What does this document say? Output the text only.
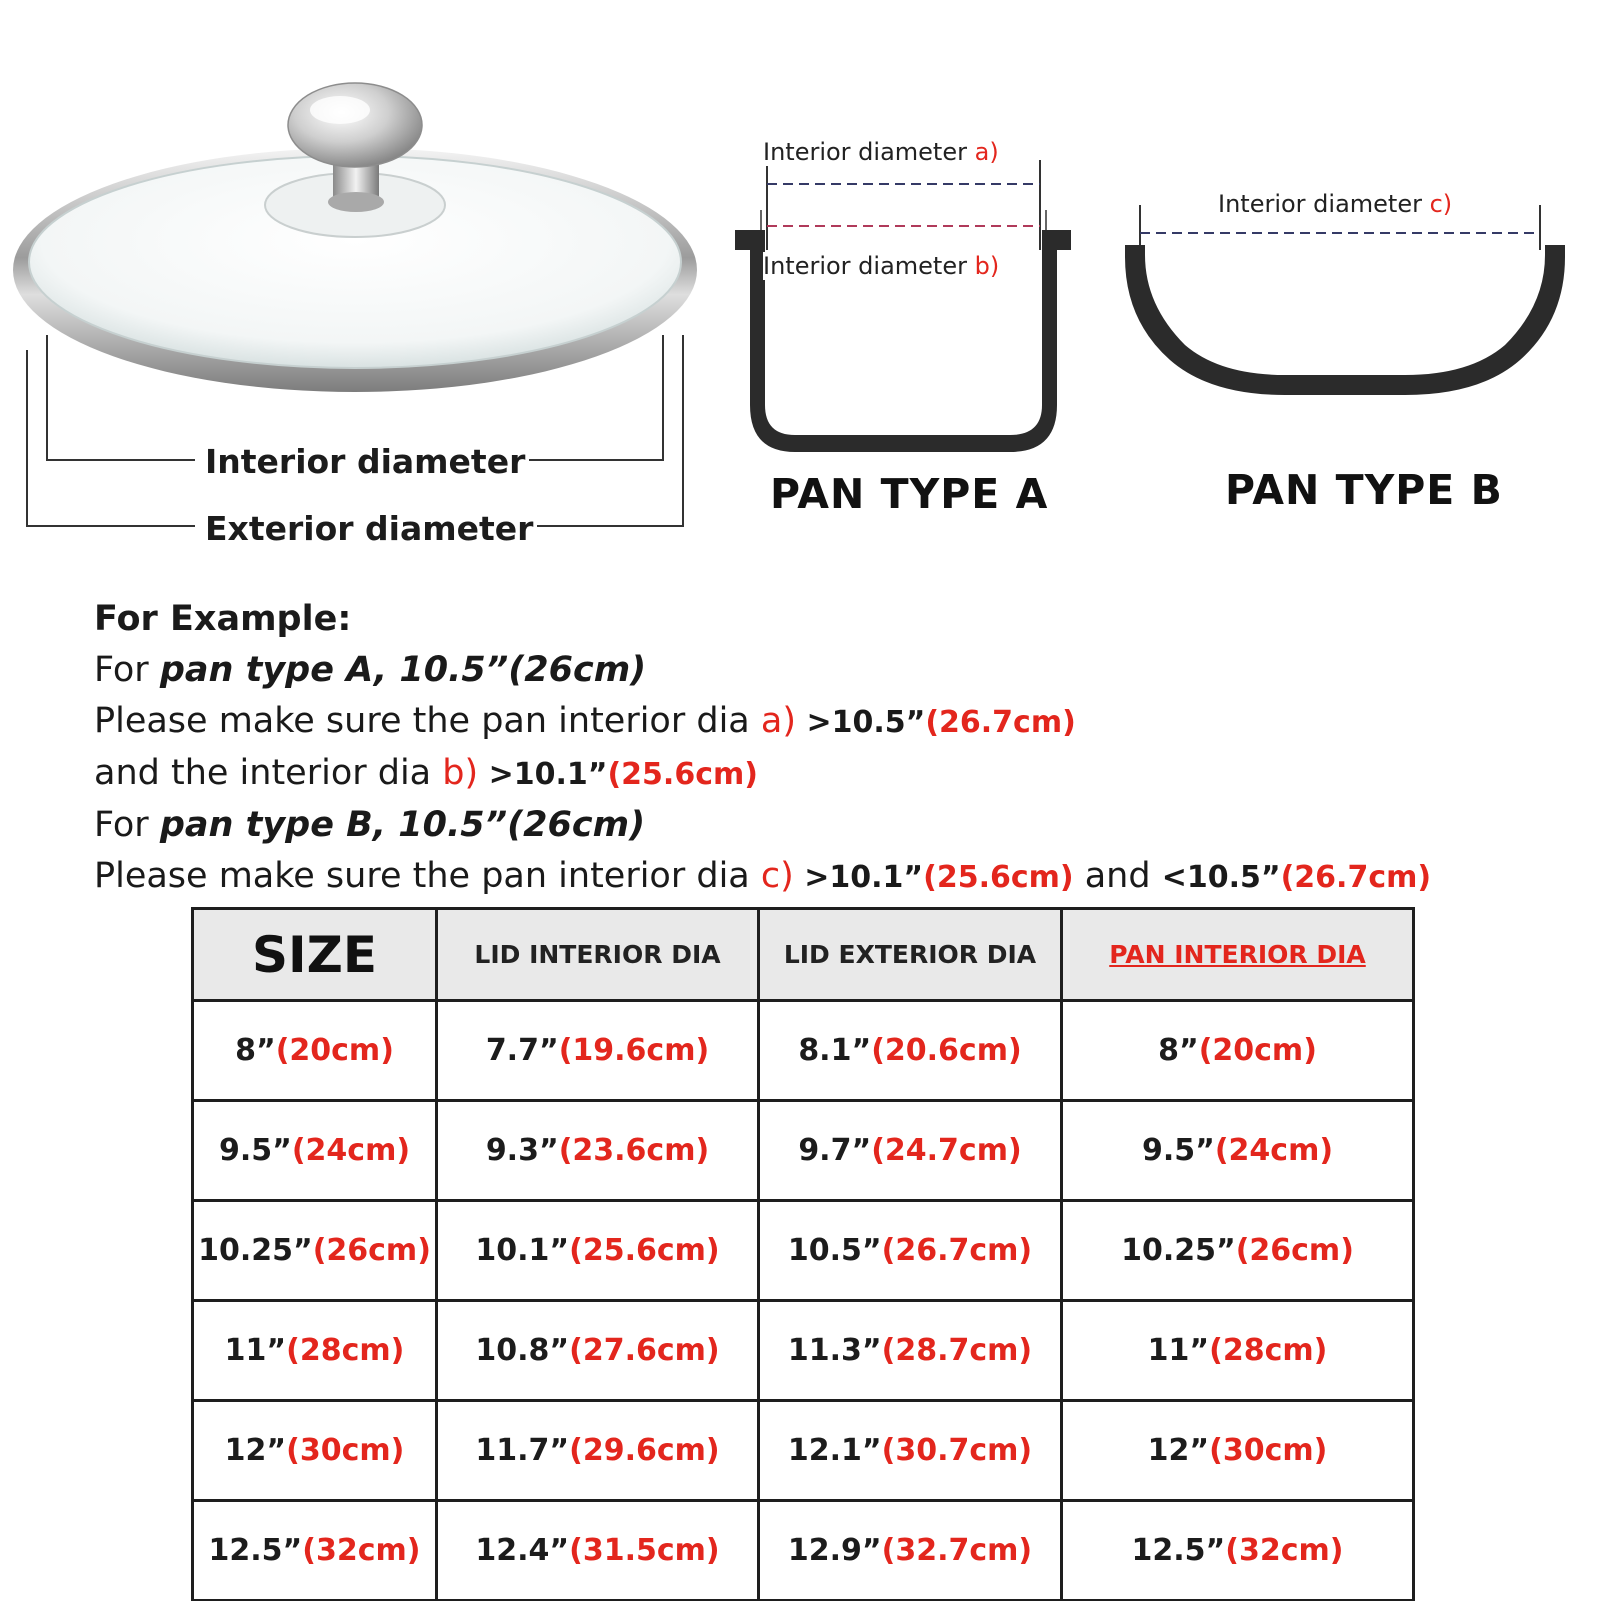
Interior diameter
Exterior diameter
Interior diameter a)
Interior diameter b)
PAN TYPE A
Interior diameter c)
PAN TYPE B
For Example:
For pan type A, 10.5”(26cm)
Please make sure the pan interior dia a) >10.5”(26.7cm)
and the interior dia b) >10.1”(25.6cm)
For pan type B, 10.5”(26cm)
Please make sure the pan interior dia c) >10.1”(25.6cm) and <10.5”(26.7cm)
SIZE	LID INTERIOR DIA	LID EXTERIOR DIA	PAN INTERIOR DIA
8”(20cm)	7.7”(19.6cm)	8.1”(20.6cm)	8”(20cm)
9.5”(24cm)	9.3”(23.6cm)	9.7”(24.7cm)	9.5”(24cm)
10.25”(26cm)	10.1”(25.6cm)	10.5”(26.7cm)	10.25”(26cm)
11”(28cm)	10.8”(27.6cm)	11.3”(28.7cm)	11”(28cm)
12”(30cm)	11.7”(29.6cm)	12.1”(30.7cm)	12”(30cm)
12.5”(32cm)	12.4”(31.5cm)	12.9”(32.7cm)	12.5”(32cm)
